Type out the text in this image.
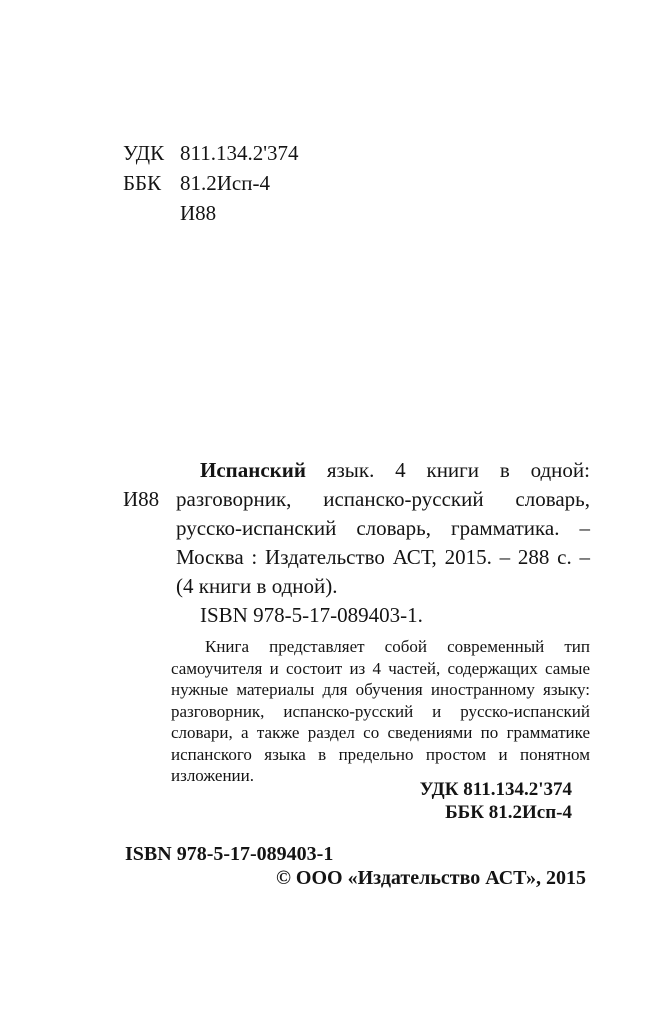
УДК 811.134.2'374
ББК 81.2Исп-4
И88
И88

Испанский язык. 4 книги в одной: разговорник, испанско-русский словарь, русско-испанский словарь, грамматика. – Москва : Издательство АСТ, 2015. – 288 с. – (4 книги в одной).

ISBN 978-5-17-089403-1.

Книга представляет собой современный тип самоучителя и состоит из 4 частей, содержащих самые нужные материалы для обучения иностранному языку: разговорник, испанско-русский и русско-испанский словари, а также раздел со сведениями по грамматике испанского языка в предельно простом и понятном изложении.

УДК 811.134.2'374
ББК 81.2Исп-4
ISBN 978-5-17-089403-1
© ООО «Издательство АСТ», 2015
